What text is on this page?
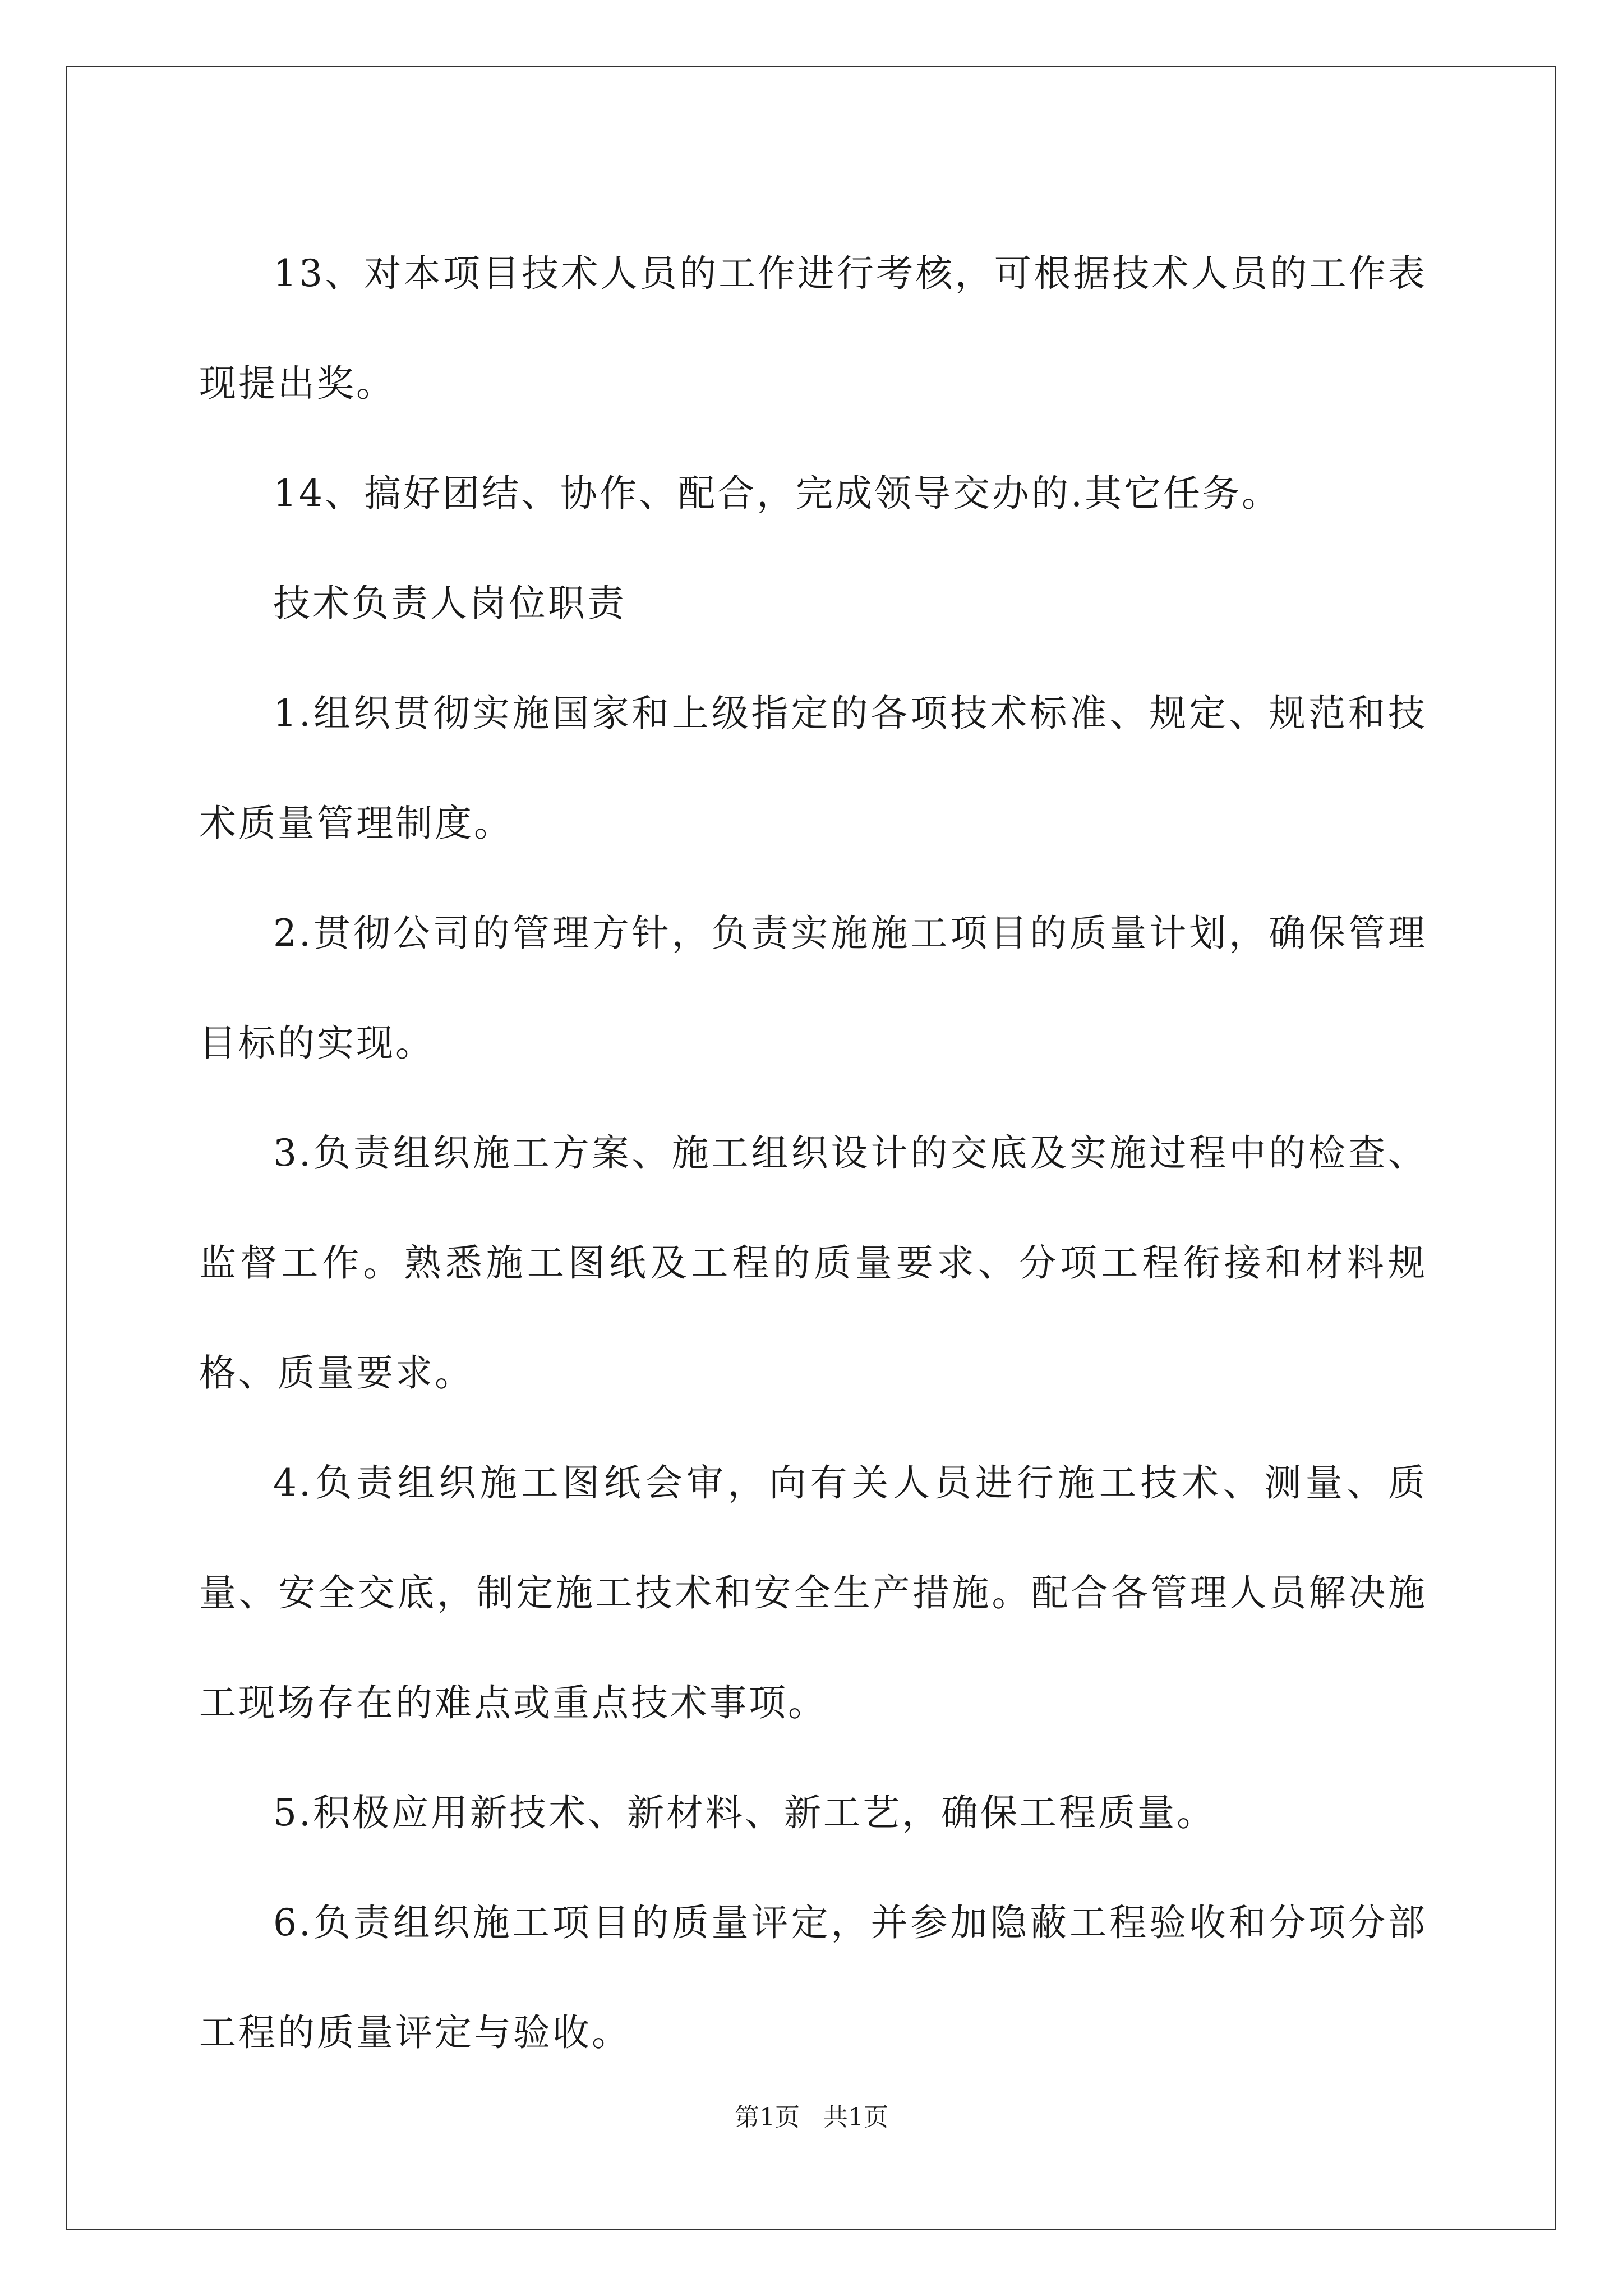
13、对本项目技术人员的工作进行考核，可根据技术人员的工作表现提出奖。

14、搞好团结、协作、配合，完成领导交办的.其它任务。

技术负责人岗位职责

1.组织贯彻实施国家和上级指定的各项技术标准、规定、规范和技术质量管理制度。

2.贯彻公司的管理方针，负责实施施工项目的质量计划，确保管理目标的实现。

3.负责组织施工方案、施工组织设计的交底及实施过程中的检查、监督工作。熟悉施工图纸及工程的质量要求、分项工程衔接和材料规格、质量要求。

4.负责组织施工图纸会审，向有关人员进行施工技术、测量、质量、安全交底，制定施工技术和安全生产措施。配合各管理人员解决施工现场存在的难点或重点技术事项。

5.积极应用新技术、新材料、新工艺，确保工程质量。

6.负责组织施工项目的质量评定，并参加隐蔽工程验收和分项分部工程的质量评定与验收。

第1页 共1页
